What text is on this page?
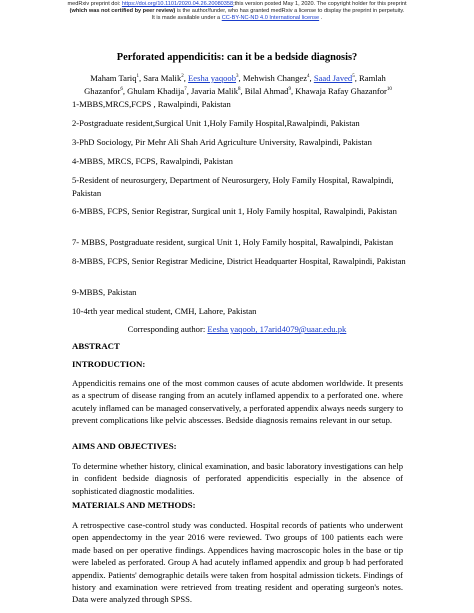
medRxiv preprint doi: https://doi.org/10.1101/2020.04.26.20080358;this version posted May 1, 2020. The copyright holder for this preprint
(which was not certified by peer review) is the author/funder, who has granted medRxiv a license to display the preprint in perpetuity.
It is made available under a CC-BY-NC-ND 4.0 International license .
Perforated appendicitis: can it be a bedside diagnosis?
Maham Tariq$^1$, Sara Malik$^2$, Eesha yaqoob$^3$, Mehwish Changez$^4$, Saad Javed$^5$, Ramlah Ghazanfor$^6$, Ghulam Khadija$^7$, Javaria Malik$^8$, Bilal Ahmad$^9$, Khawaja Rafay Ghazanfor$^{10}$

1-MBBS,MRCS,FCPS , Rawalpindi, Pakistan

2-Postgraduate resident,Surgical Unit 1,Holy Family Hospital,Rawalpindi, Pakistan

3-PhD Sociology, Pir Mehr Ali Shah Arid Agriculture University, Rawalpindi, Pakistan

4-MBBS, MRCS, FCPS, Rawalpindi, Pakistan

5-Resident of neurosurgery, Department of Neurosurgery, Holy Family Hospital, Rawalpindi, Pakistan

6-MBBS, FCPS, Senior Registrar, Surgical unit 1, Holy Family hospital, Rawalpindi, Pakistan

7- MBBS, Postgraduate resident, surgical Unit 1, Holy Family hospital, Rawalpindi, Pakistan

8-MBBS, FCPS, Senior Registrar Medicine, District Headquarter Hospital, Rawalpindi, Pakistan

9-MBBS, Pakistan

10-4rth year medical student, CMH, Lahore, Pakistan

Corresponding author: Eesha yaqoob, 17arid4079@uaar.edu.pk

ABSTRACT

INTRODUCTION:

Appendicitis remains one of the most common causes of acute abdomen worldwide. It presents as a spectrum of disease ranging from an acutely inflamed appendix to a perforated one. where acutely inflamed can be managed conservatively, a perforated appendix always needs surgery to prevent complications like pelvic abscesses. Bedside diagnosis remains relevant in our setup.

AIMS AND OBJECTIVES:

To determine whether history, clinical examination, and basic laboratory investigations can help in confident bedside diagnosis of perforated appendicitis especially in the absence of sophisticated diagnostic modalities.

MATERIALS AND METHODS:

A retrospective case-control study was conducted. Hospital records of patients who underwent open appendectomy in the year 2016 were reviewed. Two groups of 100 patients each were made based on per operative findings. Appendices having macroscopic holes in the base or tip were labeled as perforated. Group A had acutely inflamed appendix and group b had perforated appendix. Patients' demographic details were taken from hospital admission tickets. Findings of history and examination were retrieved from treating resident and operating surgeon's notes. Data were analyzed through SPSS.
